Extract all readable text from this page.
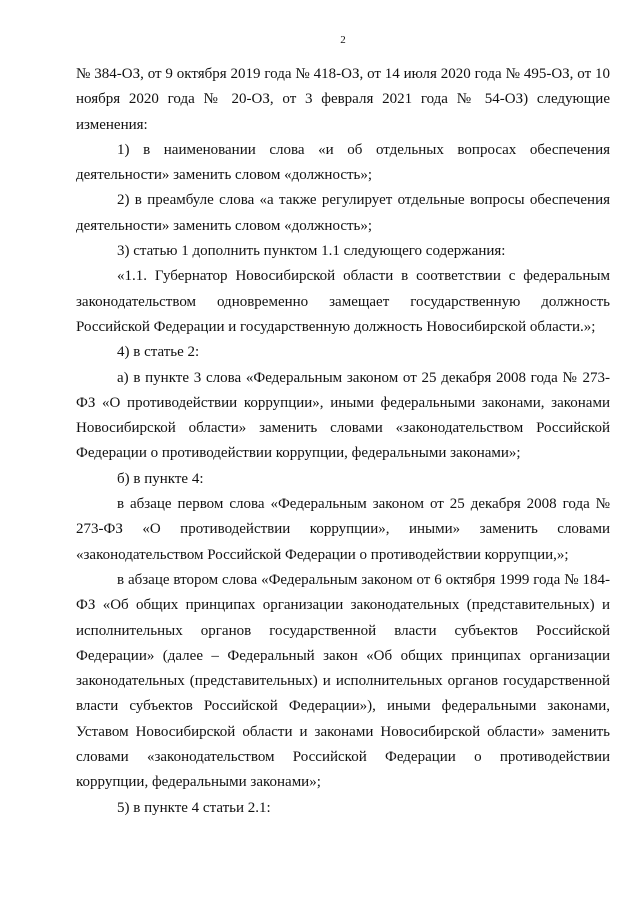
2

№ 384-ОЗ, от 9 октября 2019 года № 418-ОЗ, от 14 июля 2020 года № 495-ОЗ, от 10 ноября 2020 года № 20-ОЗ, от 3 февраля 2021 года № 54-ОЗ) следующие изменения:

1) в наименовании слова «и об отдельных вопросах обеспечения деятельности» заменить словом «должность»;

2) в преамбуле слова «а также регулирует отдельные вопросы обеспечения деятельности» заменить словом «должность»;

3) статью 1 дополнить пунктом 1.1 следующего содержания:

«1.1. Губернатор Новосибирской области в соответствии с федеральным законодательством одновременно замещает государственную должность Российской Федерации и государственную должность Новосибирской области.»;

4) в статье 2:

а) в пункте 3 слова «Федеральным законом от 25 декабря 2008 года № 273-ФЗ «О противодействии коррупции», иными федеральными законами, законами Новосибирской области» заменить словами «законодательством Российской Федерации о противодействии коррупции, федеральными законами»;

б) в пункте 4:

в абзаце первом слова «Федеральным законом от 25 декабря 2008 года № 273-ФЗ «О противодействии коррупции», иными» заменить словами «законодательством Российской Федерации о противодействии коррупции,»;

в абзаце втором слова «Федеральным законом от 6 октября 1999 года № 184-ФЗ «Об общих принципах организации законодательных (представительных) и исполнительных органов государственной власти субъектов Российской Федерации» (далее – Федеральный закон «Об общих принципах организации законодательных (представительных) и исполнительных органов государственной власти субъектов Российской Федерации»), иными федеральными законами, Уставом Новосибирской области и законами Новосибирской области» заменить словами «законодательством Российской Федерации о противодействии коррупции, федеральными законами»;

5) в пункте 4 статьи 2.1:
